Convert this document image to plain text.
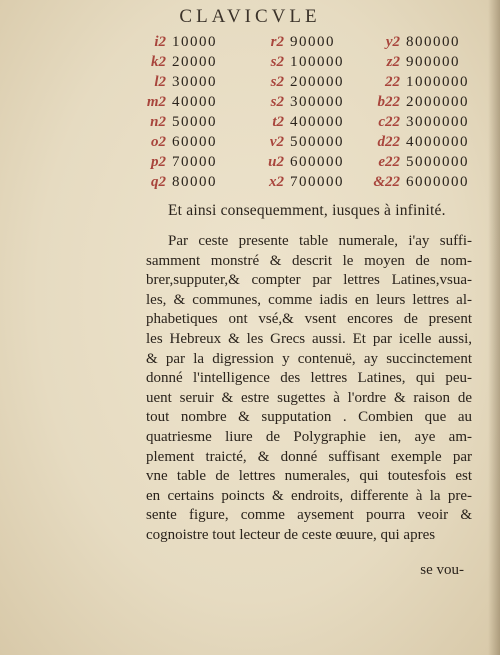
CLAVICVLE
i2	10000	r2	90000	y2	800000
k2	20000	s2	100000	z2	900000
l2	30000	s2	200000	22	1000000
m2	40000	s2	300000	b22	2000000
n2	50000	t2	400000	c22	3000000
o2	60000	v2	500000	d22	4000000
p2	70000	u2	600000	e22	5000000
q2	80000	x2	700000	&22	6000000
Et ainsi consequemment, iusques à infinité.
Par ceste presente table numerale, i'ay suffi-
samment monstré & descrit le moyen de nom-
brer,supputer,& compter par lettres Latines,vsua-
les, & communes, comme iadis en leurs lettres al-
phabetiques ont vsé,& vsent encores de present
les Hebreux & les Grecs aussi. Et par icelle aussi,
& par la digression y contenuë, ay succinctement
donné l'intelligence des lettres Latines, qui peu-
uent seruir & estre sugettes à l'ordre & raison de
tout nombre & supputation . Combien que au
quatriesme liure de Polygraphie ien, aye am-
plement traicté, & donné suffisant exemple par
vne table de lettres numerales, qui toutesfois est
en certains poincts & endroits, differente à la pre-
sente figure, comme aysement pourra veoir &
cognoistre tout lecteur de ceste œuure, qui apres
se vou-
